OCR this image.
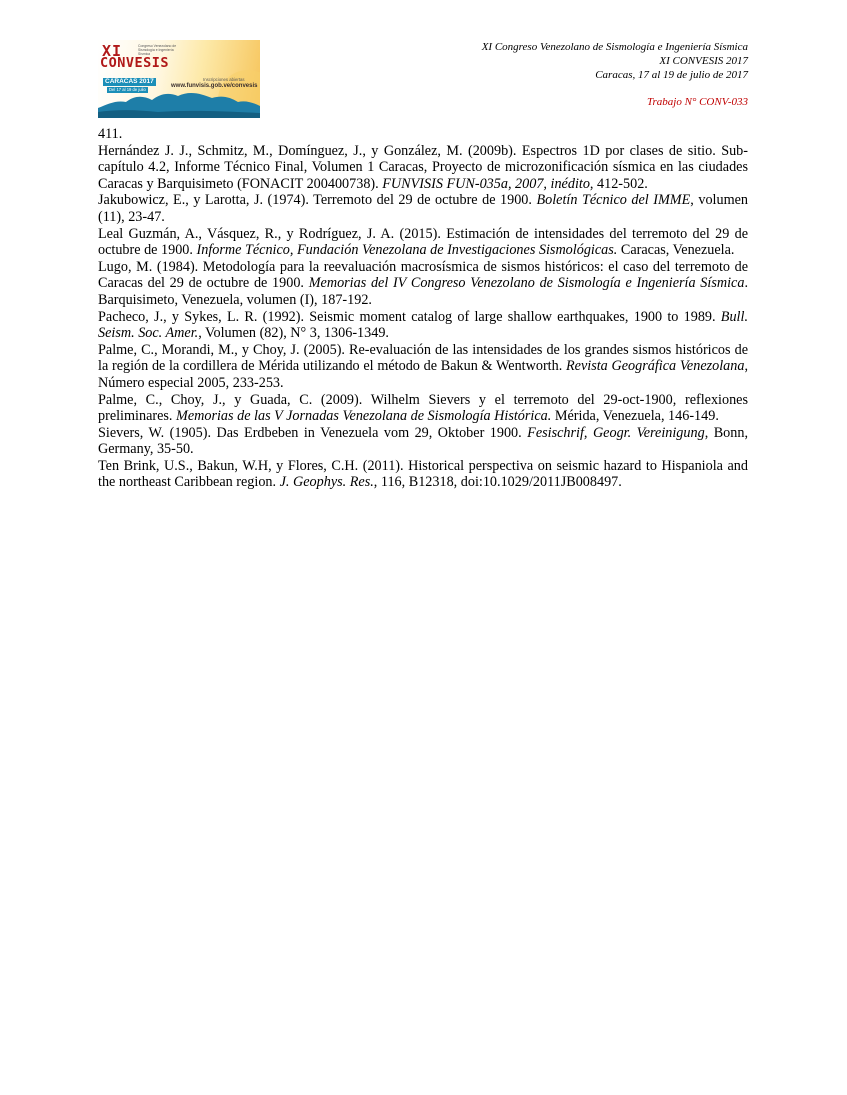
XI
CONVESIS
Congreso Venezolano de Sismología e Ingeniería Sísmica
CARACAS 2017
Del 17 al 19 de julio
Inscripciones abiertas
www.funvisis.gob.ve/convesis
XI Congreso Venezolano de Sismología e Ingeniería Sísmica
XI CONVESIS 2017
Caracas, 17 al 19 de julio de 2017
Trabajo N° CONV-033

411.

Hernández J. J., Schmitz, M., Domínguez, J., y González, M. (2009b). Espectros 1D por clases de sitio. Sub-capítulo 4.2, Informe Técnico Final, Volumen 1 Caracas, Proyecto de microzonificación sísmica en las ciudades Caracas y Barquisimeto (FONACIT 200400738). FUNVISIS FUN-035a, 2007, inédito, 412-502.

Jakubowicz, E., y Larotta, J. (1974). Terremoto del 29 de octubre de 1900. Boletín Técnico del IMME, volumen (11), 23-47.

Leal Guzmán, A., Vásquez, R., y Rodríguez, J. A. (2015). Estimación de intensidades del terremoto del 29 de octubre de 1900. Informe Técnico, Fundación Venezolana de Investigaciones Sismológicas. Caracas, Venezuela.

Lugo, M. (1984). Metodología para la reevaluación macrosísmica de sismos históricos: el caso del terremoto de Caracas del 29 de octubre de 1900. Memorias del IV Congreso Venezolano de Sismología e Ingeniería Sísmica. Barquisimeto, Venezuela, volumen (I), 187-192.

Pacheco, J., y Sykes, L. R. (1992). Seismic moment catalog of large shallow earthquakes, 1900 to 1989. Bull. Seism. Soc. Amer., Volumen (82), N° 3, 1306-1349.

Palme, C., Morandi, M., y Choy, J. (2005). Re-evaluación de las intensidades de los grandes sismos históricos de la región de la cordillera de Mérida utilizando el método de Bakun & Wentworth. Revista Geográfica Venezolana, Número especial 2005, 233-253.

Palme, C., Choy, J., y Guada, C. (2009). Wilhelm Sievers y el terremoto del 29-oct-1900, reflexiones preliminares. Memorias de las V Jornadas Venezolana de Sismología Histórica. Mérida, Venezuela, 146-149.

Sievers, W. (1905). Das Erdbeben in Venezuela vom 29, Oktober 1900. Fesischrif, Geogr. Vereinigung, Bonn, Germany, 35-50.

Ten Brink, U.S., Bakun, W.H, y Flores, C.H. (2011). Historical perspectiva on seismic hazard to Hispaniola and the northeast Caribbean region. J. Geophys. Res., 116, B12318, doi:10.1029/2011JB008497.
